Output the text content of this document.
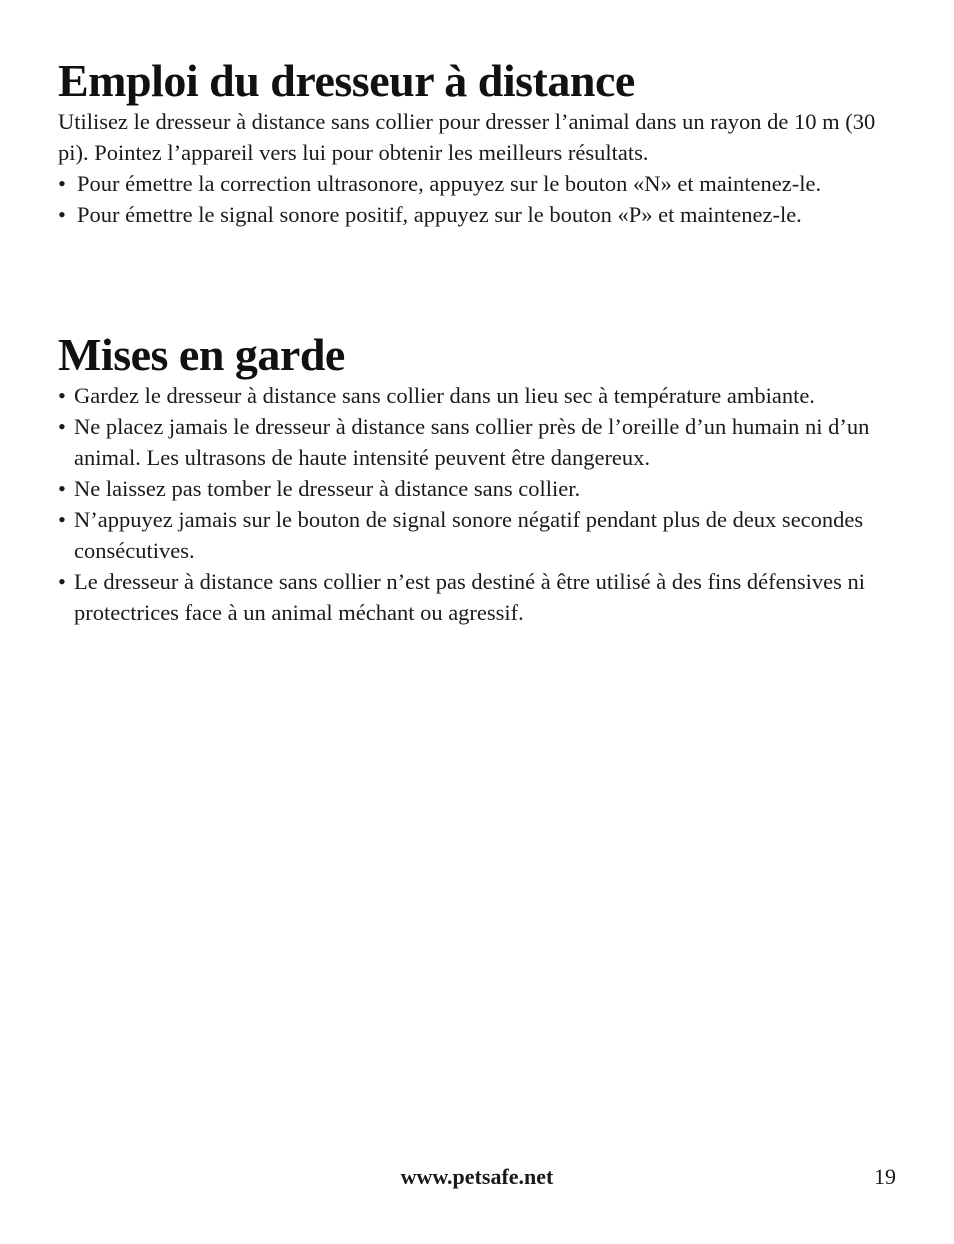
Emploi du dresseur à distance

Utilisez le dresseur à distance sans collier pour dresser l’animal dans un rayon de 10 m (30 pi). Pointez l’appareil vers lui pour obtenir les meilleurs résultats.

• Pour émettre la correction ultrasonore, appuyez sur le bouton «N» et maintenez-le.
• Pour émettre le signal sonore positif, appuyez sur le bouton «P» et maintenez-le.
Mises en garde
• Gardez le dresseur à distance sans collier dans un lieu sec à température ambiante.
• Ne placez jamais le dresseur à distance sans collier près de l’oreille d’un humain ni d’un animal. Les ultrasons de haute intensité peuvent être dangereux.
• Ne laissez pas tomber le dresseur à distance sans collier.
• N’appuyez jamais sur le bouton de signal sonore négatif pendant plus de deux secondes consécutives.
• Le dresseur à distance sans collier n’est pas destiné à être utilisé à des fins défensives ni protectrices face à un animal méchant ou agressif.
www.petsafe.net	19
